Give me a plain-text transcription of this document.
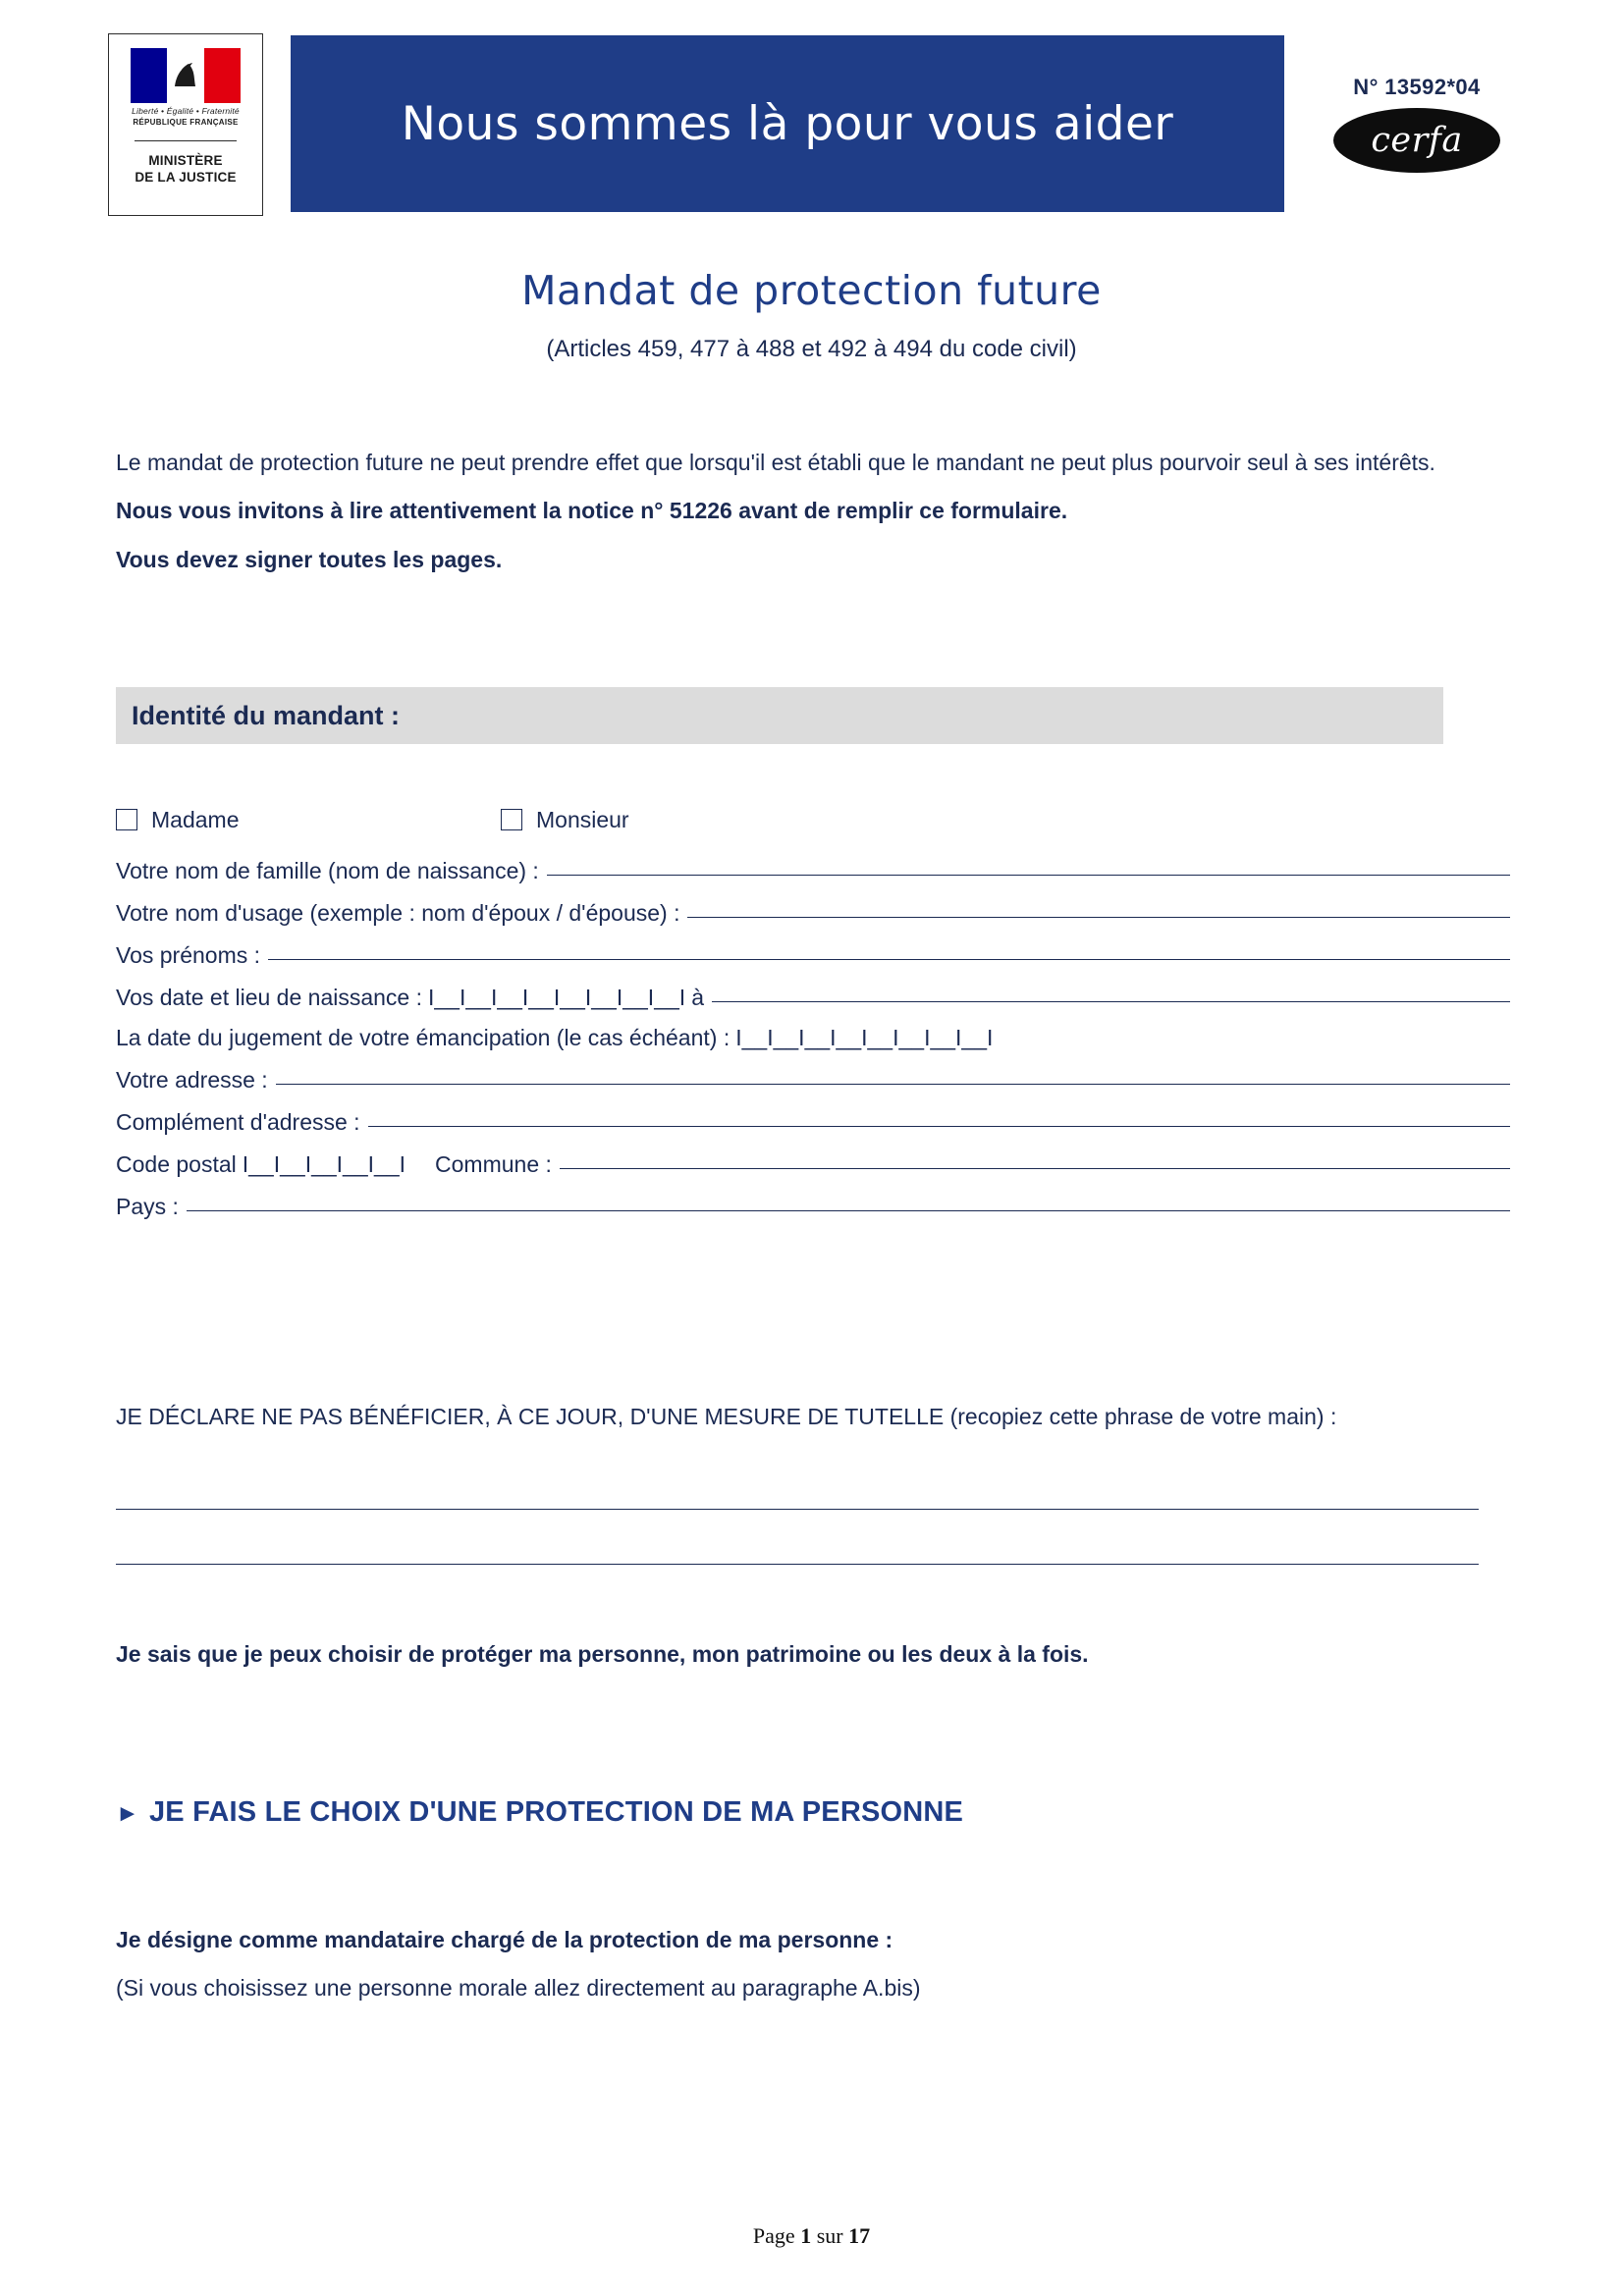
Liberté • Égalité • Fraternité
RÉPUBLIQUE FRANÇAISE
MINISTÈRE
DE LA JUSTICE
Nous sommes là pour vous aider
N° 13592*04
cerfa
Mandat de protection future
(Articles 459, 477 à 488 et 492 à 494 du code civil)

Le mandat de protection future ne peut prendre effet que lorsqu'il est établi que le mandant ne peut plus pourvoir seul à ses intérêts.

Nous vous invitons à lire attentivement la notice n° 51226 avant de remplir ce formulaire.

Vous devez signer toutes les pages.

Identité du mandant :
Madame	Monsieur
Votre nom de famille (nom de naissance) :
Votre nom d'usage (exemple : nom d'époux / d'épouse) :
Vos prénoms :
Vos date et lieu de naissance : I__I__I__I__I__I__I__I__I à
La date du jugement de votre émancipation (le cas échéant) : I__I__I__I__I__I__I__I__I
Votre adresse :
Complément d'adresse :
Code postal I__I__I__I__I__I Commune :
Pays :
JE DÉCLARE NE PAS BÉNÉFICIER, À CE JOUR, D'UNE MESURE DE TUTELLE (recopiez cette phrase de votre main) :
Je sais que je peux choisir de protéger ma personne, mon patrimoine ou les deux à la fois.
► JE FAIS LE CHOIX D'UNE PROTECTION DE MA PERSONNE
Je désigne comme mandataire chargé de la protection de ma personne :
(Si vous choisissez une personne morale allez directement au paragraphe A.bis)
Page 1 sur 17
